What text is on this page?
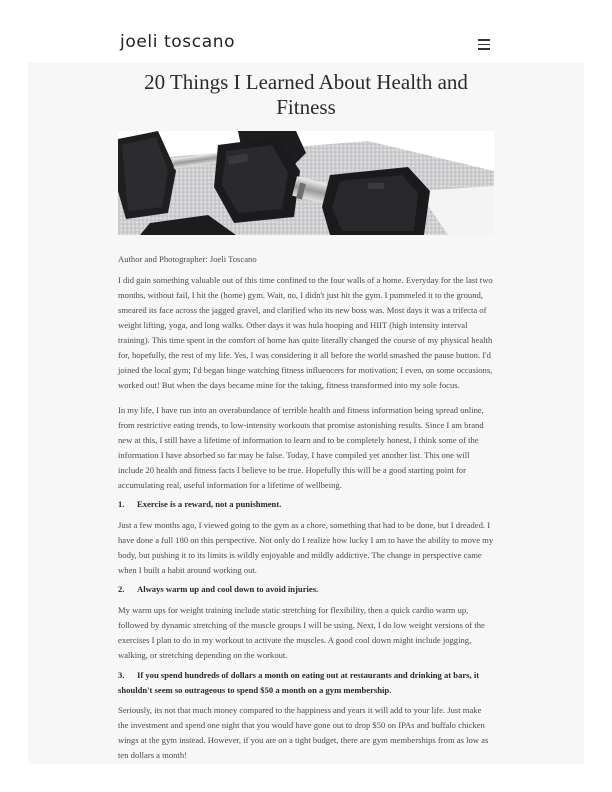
joeli toscano
20 Things I Learned About Health and Fitness

Author and Photographer: Joeli Toscano

I did gain something valuable out of this time confined to the four walls of a home. Everyday for the last two months, without fail, I hit the (home) gym. Wait, no, I didn't just hit the gym. I pummeled it to the ground, smeared its face across the jagged gravel, and clarified who its new boss was. Most days it was a trifecta of weight lifting, yoga, and long walks. Other days it was hula hooping and HIIT (high intensity interval training). This time spent in the comfort of home has quite literally changed the course of my physical health for, hopefully, the rest of my life. Yes, I was considering it all before the world smashed the pause button. I'd joined the local gym; I'd began binge watching fitness influencers for motivation; I even, on some occasions, worked out! But when the days became mine for the taking, fitness transformed into my sole focus.

In my life, I have run into an overabundance of terrible health and fitness information being spread online, from restrictive eating trends, to low-intensity workouts that promise astonishing results. Since I am brand new at this, I still have a lifetime of information to learn and to be completely honest, I think some of the information I have absorbed so far may be false. Today, I have compiled yet another list. This one will include 20 health and fitness facts I believe to be true. Hopefully this will be a good starting point for accumulating real, useful information for a lifetime of wellbeing.

1. Exercise is a reward, not a punishment.

Just a few months ago, I viewed going to the gym as a chore, something that had to be done, but I dreaded. I have done a full 180 on this perspective. Not only do I realize how lucky I am to have the ability to move my body, but pushing it to its limits is wildly enjoyable and mildly addictive. The change in perspective came when I built a habit around working out.

2. Always warm up and cool down to avoid injuries.

My warm ups for weight training include static stretching for flexibility, then a quick cardio warm up, followed by dynamic stretching of the muscle groups I will be using. Next, I do low weight versions of the exercises I plan to do in my workout to activate the muscles. A good cool down might include jogging, walking, or stretching depending on the workout.

3. If you spend hundreds of dollars a month on eating out at restaurants and drinking at bars, it shouldn't seem so outrageous to spend $50 a month on a gym membership.

Seriously, its not that much money compared to the happiness and years it will add to your life. Just make the investment and spend one night that you would have gone out to drop $50 on IPAs and buffalo chicken wings at the gym instead. However, if you are on a tight budget, there are gym memberships from as low as ten dollars a month!
